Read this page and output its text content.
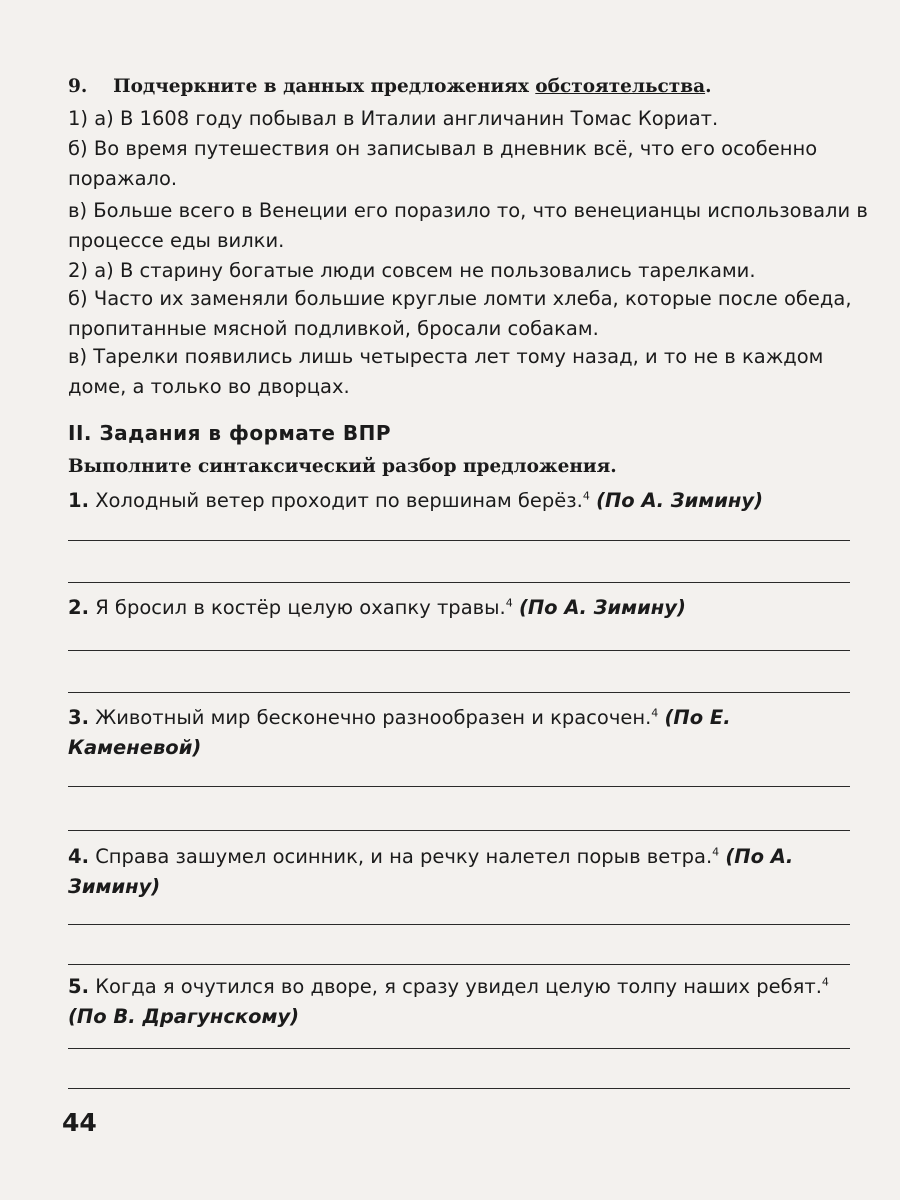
9. Подчеркните в данных предложениях обстоятельства.

1) а) В 1608 году побывал в Италии англичанин Томас Кориат.

б) Во время путешествия он записывал в дневник всё, что его особенно поражало.

в) Больше всего в Венеции его поразило то, что венецианцы использовали в процессе еды вилки.

2) а) В старину богатые люди совсем не пользовались тарелками.

б) Часто их заменяли большие круглые ломти хлеба, которые после обеда, пропитанные мясной подливкой, бросали собакам.

в) Тарелки появились лишь четыреста лет тому назад, и то не в каждом доме, а только во дворцах.

II. Задания в формате ВПР

Выполните синтаксический разбор предложения.

1. Холодный ветер проходит по вершинам берёз.$^4$ (По А. Зимину)

2. Я бросил в костёр целую охапку травы.$^4$ (По А. Зимину)

3. Животный мир бесконечно разнообразен и красочен.$^4$ (По Е. Каменевой)

4. Справа зашумел осинник, и на речку налетел порыв ветра.$^4$ (По А. Зимину)

5. Когда я очутился во дворе, я сразу увидел целую толпу наших ребят.$^4$ (По В. Драгунскому)

44
